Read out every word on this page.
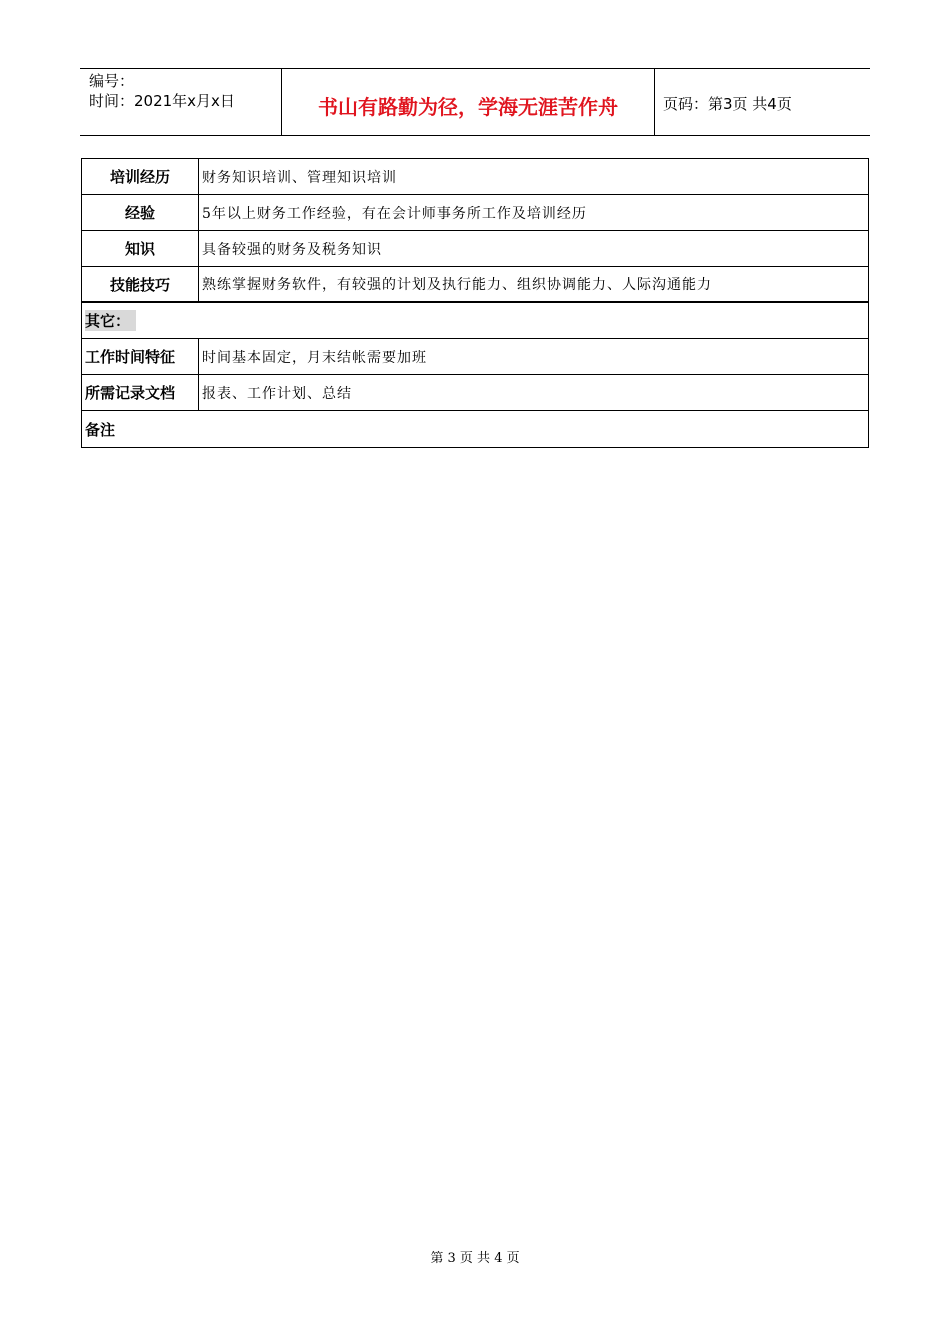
编号：
时间：2021年x月x日	书山有路勤为径，学海无涯苦作舟	页码：第3页 共4页
培训经历	财务知识培训、管理知识培训
经验	5年以上财务工作经验，有在会计师事务所工作及培训经历
知识	具备较强的财务及税务知识
技能技巧	熟练掌握财务软件，有较强的计划及执行能力、组织协调能力、人际沟通能力
其它：
工作时间特征	时间基本固定，月末结帐需要加班
所需记录文档	报表、工作计划、总结
备注
第 3 页 共 4 页
